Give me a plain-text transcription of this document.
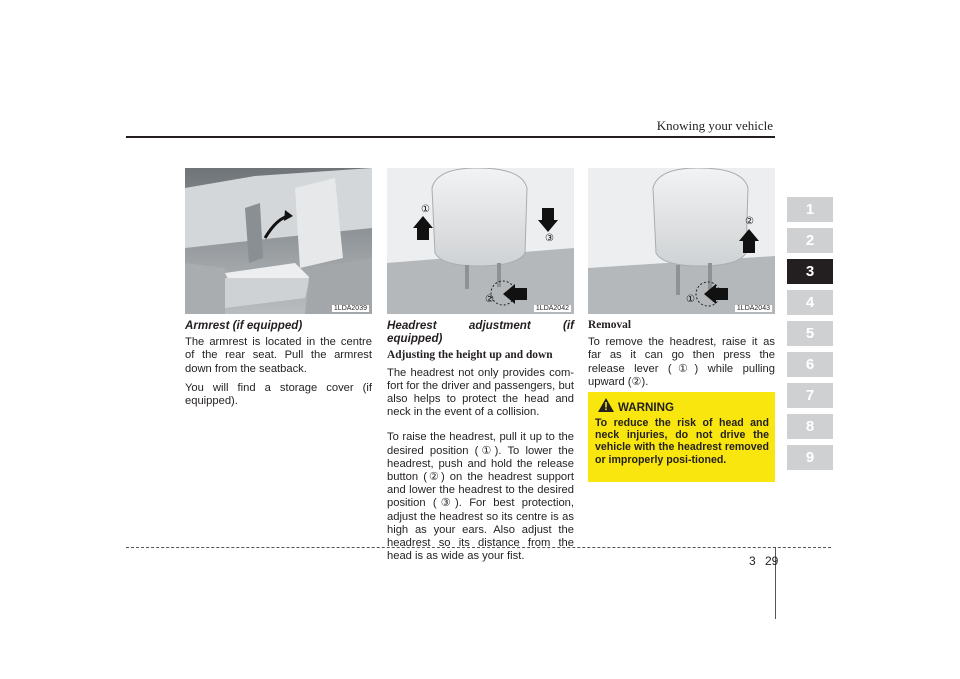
Knowing your vehicle
1
2
3
4
5
6
7
8
9
1LDA2039
①
③
②
1LDA2042
②
①
1LDA2043

Armrest (if equipped)

The armrest is located in the centre of the rear seat. Pull the armrest down from the seatback.

You will find a storage cover (if equipped).

Headrest adjustment (if equipped)

Adjusting the height up and down

The headrest not only provides com-fort for the driver and passengers, but also helps to protect the head and neck in the event of a collision.

To raise the headrest, pull it up to the desired position (①). To lower the headrest, push and hold the release button (②) on the headrest support and lower the headrest to the desired position (③). For best protection, adjust the headrest so its centre is as high as your ears. Also adjust the headrest so its distance from the head is as wide as your fist.

Removal

To remove the headrest, raise it as far as it can go then press the release lever (①) while pulling upward (②).

WARNING
To reduce the risk of head and neck injuries, do not drive the vehicle with the headrest removed or improperly posi-tioned.
3 29
